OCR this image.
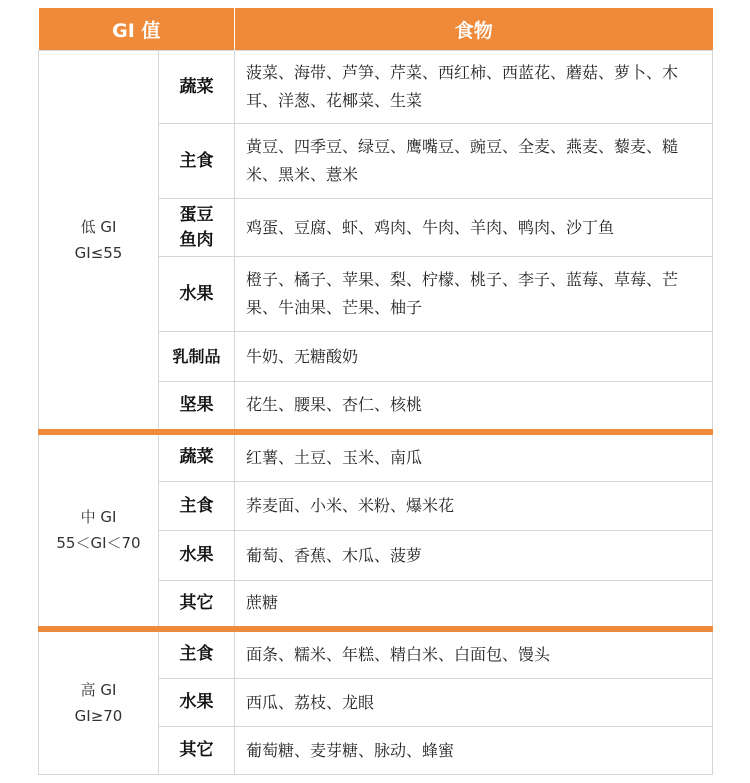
GI 值		食物

低 GI
GI≤55	蔬菜	菠菜、海带、芦笋、芹菜、西红柿、西蓝花、蘑菇、萝卜、木耳、洋葱、花椰菜、生菜
	主食	黄豆、四季豆、绿豆、鹰嘴豆、豌豆、全麦、燕麦、藜麦、糙米、黑米、薏米
	蛋豆鱼肉	鸡蛋、豆腐、虾、鸡肉、牛肉、羊肉、鸭肉、沙丁鱼
	水果	橙子、橘子、苹果、梨、柠檬、桃子、李子、蓝莓、草莓、芒果、牛油果、芒果、柚子
	乳制品	牛奶、无糖酸奶
	坚果	花生、腰果、杏仁、核桃

中 GI
55＜GI＜70	蔬菜	红薯、土豆、玉米、南瓜
	主食	荞麦面、小米、米粉、爆米花
	水果	葡萄、香蕉、木瓜、菠萝
	其它	蔗糖

高 GI
GI≥70	主食	面条、糯米、年糕、精白米、白面包、馒头
	水果	西瓜、荔枝、龙眼
	其它	葡萄糖、麦芽糖、脉动、蜂蜜
